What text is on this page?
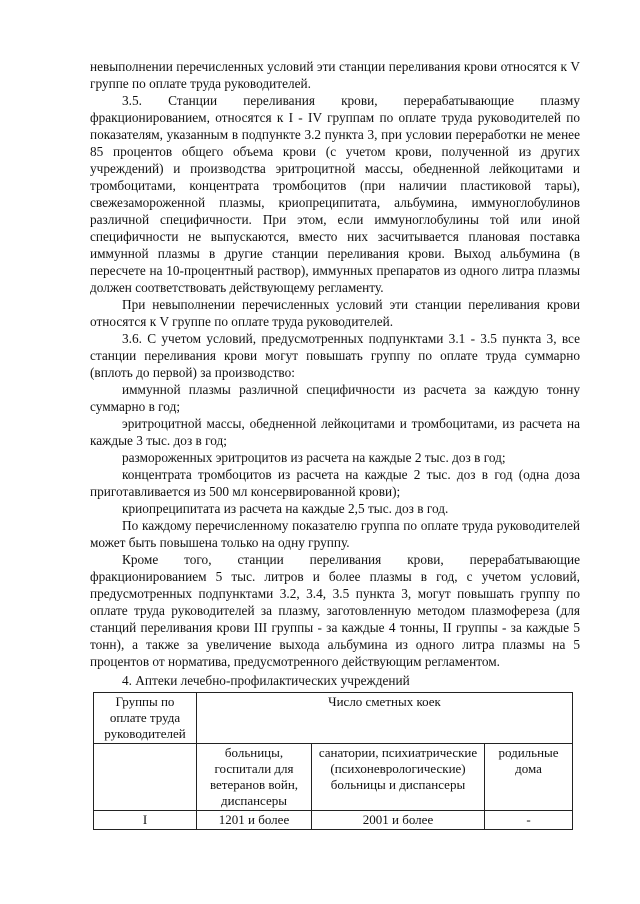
невыполнении перечисленных условий эти станции переливания крови относятся к V группе по оплате труда руководителей.

3.5. Станции переливания крови, перерабатывающие плазму фракционированием, относятся к I - IV группам по оплате труда руководителей по показателям, указанным в подпункте 3.2 пункта 3, при условии переработки не менее 85 процентов общего объема крови (с учетом крови, полученной из других учреждений) и производства эритроцитной массы, обедненной лейкоцитами и тромбоцитами, концентрата тромбоцитов (при наличии пластиковой тары), свежезамороженной плазмы, криопреципитата, альбумина, иммуноглобулинов различной специфичности. При этом, если иммуноглобулины той или иной специфичности не выпускаются, вместо них засчитывается плановая поставка иммунной плазмы в другие станции переливания крови. Выход альбумина (в пересчете на 10-процентный раствор), иммунных препаратов из одного литра плазмы должен соответствовать действующему регламенту.

При невыполнении перечисленных условий эти станции переливания крови относятся к V группе по оплате труда руководителей.

3.6. С учетом условий, предусмотренных подпунктами 3.1 - 3.5 пункта 3, все станции переливания крови могут повышать группу по оплате труда суммарно (вплоть до первой) за производство:

иммунной плазмы различной специфичности из расчета за каждую тонну суммарно в год;

эритроцитной массы, обедненной лейкоцитами и тромбоцитами, из расчета на каждые 3 тыс. доз в год;

размороженных эритроцитов из расчета на каждые 2 тыс. доз в год;

концентрата тромбоцитов из расчета на каждые 2 тыс. доз в год (одна доза приготавливается из 500 мл консервированной крови);

криопреципитата из расчета на каждые 2,5 тыс. доз в год.

По каждому перечисленному показателю группа по оплате труда руководителей может быть повышена только на одну группу.

Кроме того, станции переливания крови, перерабатывающие фракционированием 5 тыс. литров и более плазмы в год, с учетом условий, предусмотренных подпунктами 3.2, 3.4, 3.5 пункта 3, могут повышать группу по оплате труда руководителей за плазму, заготовленную методом плазмофереза (для станций переливания крови III группы - за каждые 4 тонны, II группы - за каждые 5 тонн), а также за увеличение выхода альбумина из одного литра плазмы на 5 процентов от норматива, предусмотренного действующим регламентом.

4. Аптеки лечебно-профилактических учреждений

Группы по оплате труда руководителей	Число сметных коек		
	больницы, госпитали для ветеранов войн, диспансеры	санатории, психиатрические (психоневрологические) больницы и диспансеры	родильные дома
I	1201 и более	2001 и более	-
